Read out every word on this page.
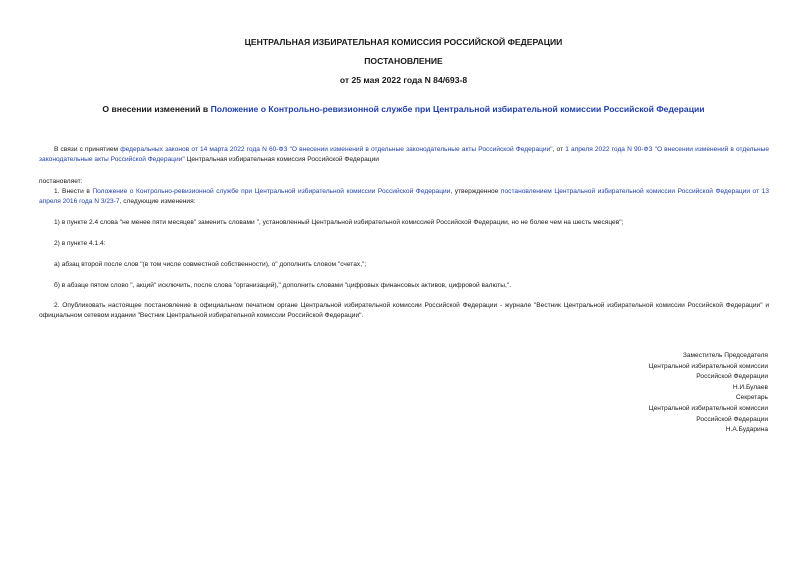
ЦЕНТРАЛЬНАЯ ИЗБИРАТЕЛЬНАЯ КОМИССИЯ РОССИЙСКОЙ ФЕДЕРАЦИИ
ПОСТАНОВЛЕНИЕ
от 25 мая 2022 года N 84/693-8
О внесении изменений в Положение о Контрольно-ревизионной службе при Центральной избирательной комиссии Российской Федерации
В связи с принятием федеральных законов от 14 марта 2022 года N 60-ФЗ "О внесении изменений в отдельные законодательные акты Российской Федерации", от 1 апреля 2022 года N 90-ФЗ "О внесении изменений в отдельные законодательные акты Российской Федерации" Центральная избирательная комиссия Российской Федерации
постановляет:
1. Внести в Положение о Контрольно-ревизионной службе при Центральной избирательной комиссии Российской Федерации, утвержденное постановлением Центральной избирательной комиссии Российской Федерации от 13 апреля 2016 года N 3/23-7, следующие изменения:
1) в пункте 2.4 слова "не менее пяти месяцев" заменить словами ", установленный Центральной избирательной комиссией Российской Федерации, но не более чем на шесть месяцев";
2) в пункте 4.1.4:
а) абзац второй после слов "(в том числе совместной собственности), о" дополнить словом "счетах,";
б) в абзаце пятом слово ", акций" исключить, после слова "организаций)," дополнить словами "цифровых финансовых активов, цифровой валюты,".
2. Опубликовать настоящее постановление в официальном печатном органе Центральной избирательной комиссии Российской Федерации - журнале "Вестник Центральной избирательной комиссии Российской Федерации" и официальном сетевом издании "Вестник Центральной избирательной комиссии Российской Федерации".
Заместитель Председателя
Центральной избирательной комиссии
Российской Федерации
Н.И.Булаев
Секретарь
Центральной избирательной комиссии
Российской Федерации
Н.А.Бударина
